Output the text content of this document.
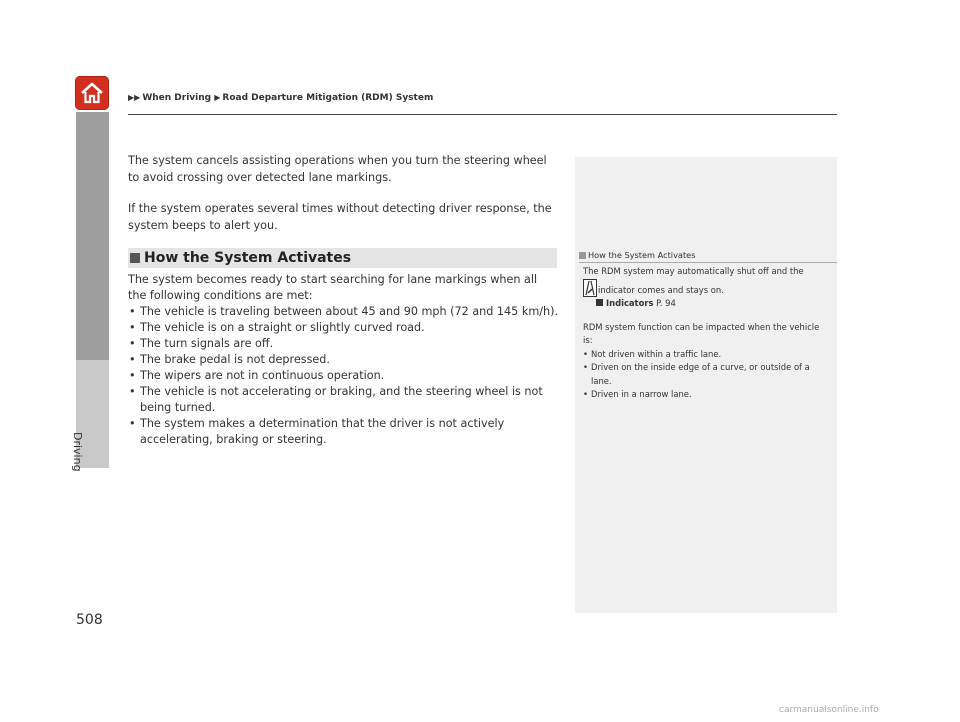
▶▶ When Driving ▶ Road Departure Mitigation (RDM) System
Driving

The system cancels assisting operations when you turn the steering wheel to avoid crossing over detected lane markings.

If the system operates several times without detecting driver response, the system beeps to alert you.

How the System Activates

The system becomes ready to start searching for lane markings when all the following conditions are met:

• The vehicle is traveling between about 45 and 90 mph (72 and 145 km/h).
• The vehicle is on a straight or slightly curved road.
• The turn signals are off.
• The brake pedal is not depressed.
• The wipers are not in continuous operation.
• The vehicle is not accelerating or braking, and the steering wheel is not being turned.
• The system makes a determination that the driver is not actively accelerating, braking or steering.
How the System Activates

The RDM system may automatically shut off and the

indicator comes and stays on.

Indicators P. 94

RDM system function can be impacted when the vehicle is:

• Not driven within a traffic lane.
• Driven on the inside edge of a curve, or outside of a lane.
• Driven in a narrow lane.
508
carmanualsonline.info
